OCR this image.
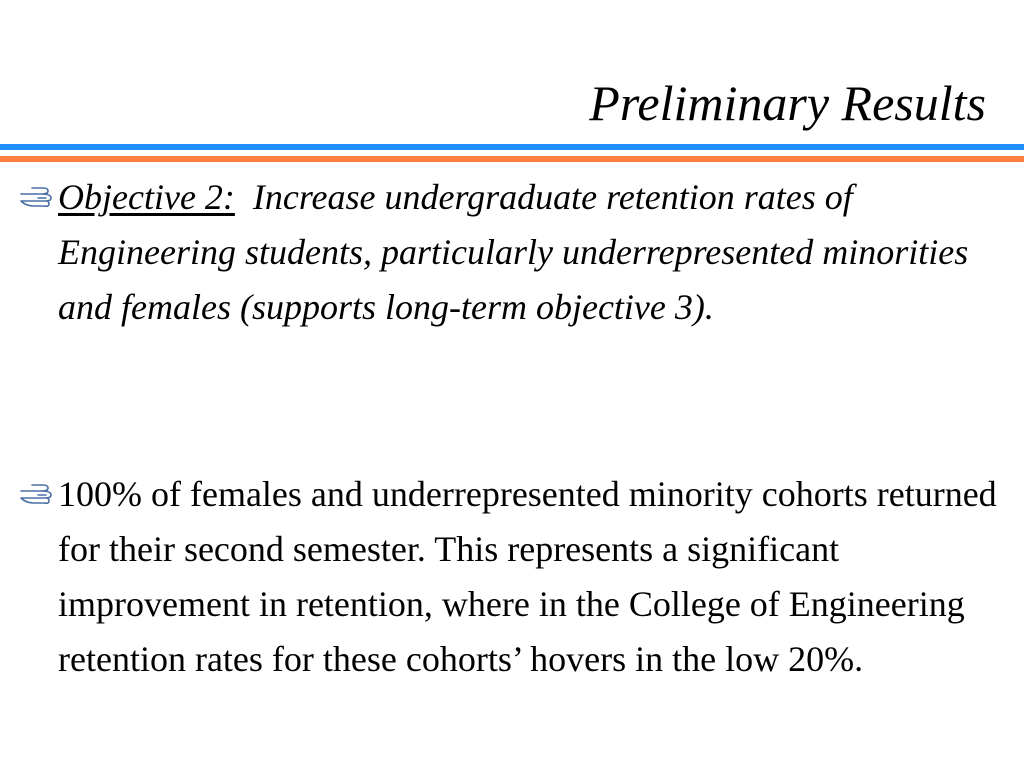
Preliminary Results
Objective 2: Increase undergraduate retention rates of Engineering students, particularly underrepresented minorities and females (supports long-term objective 3).
100% of females and underrepresented minority cohorts returned for their second semester. This represents a significant improvement in retention, where in the College of Engineering retention rates for these cohorts’ hovers in the low 20%.
